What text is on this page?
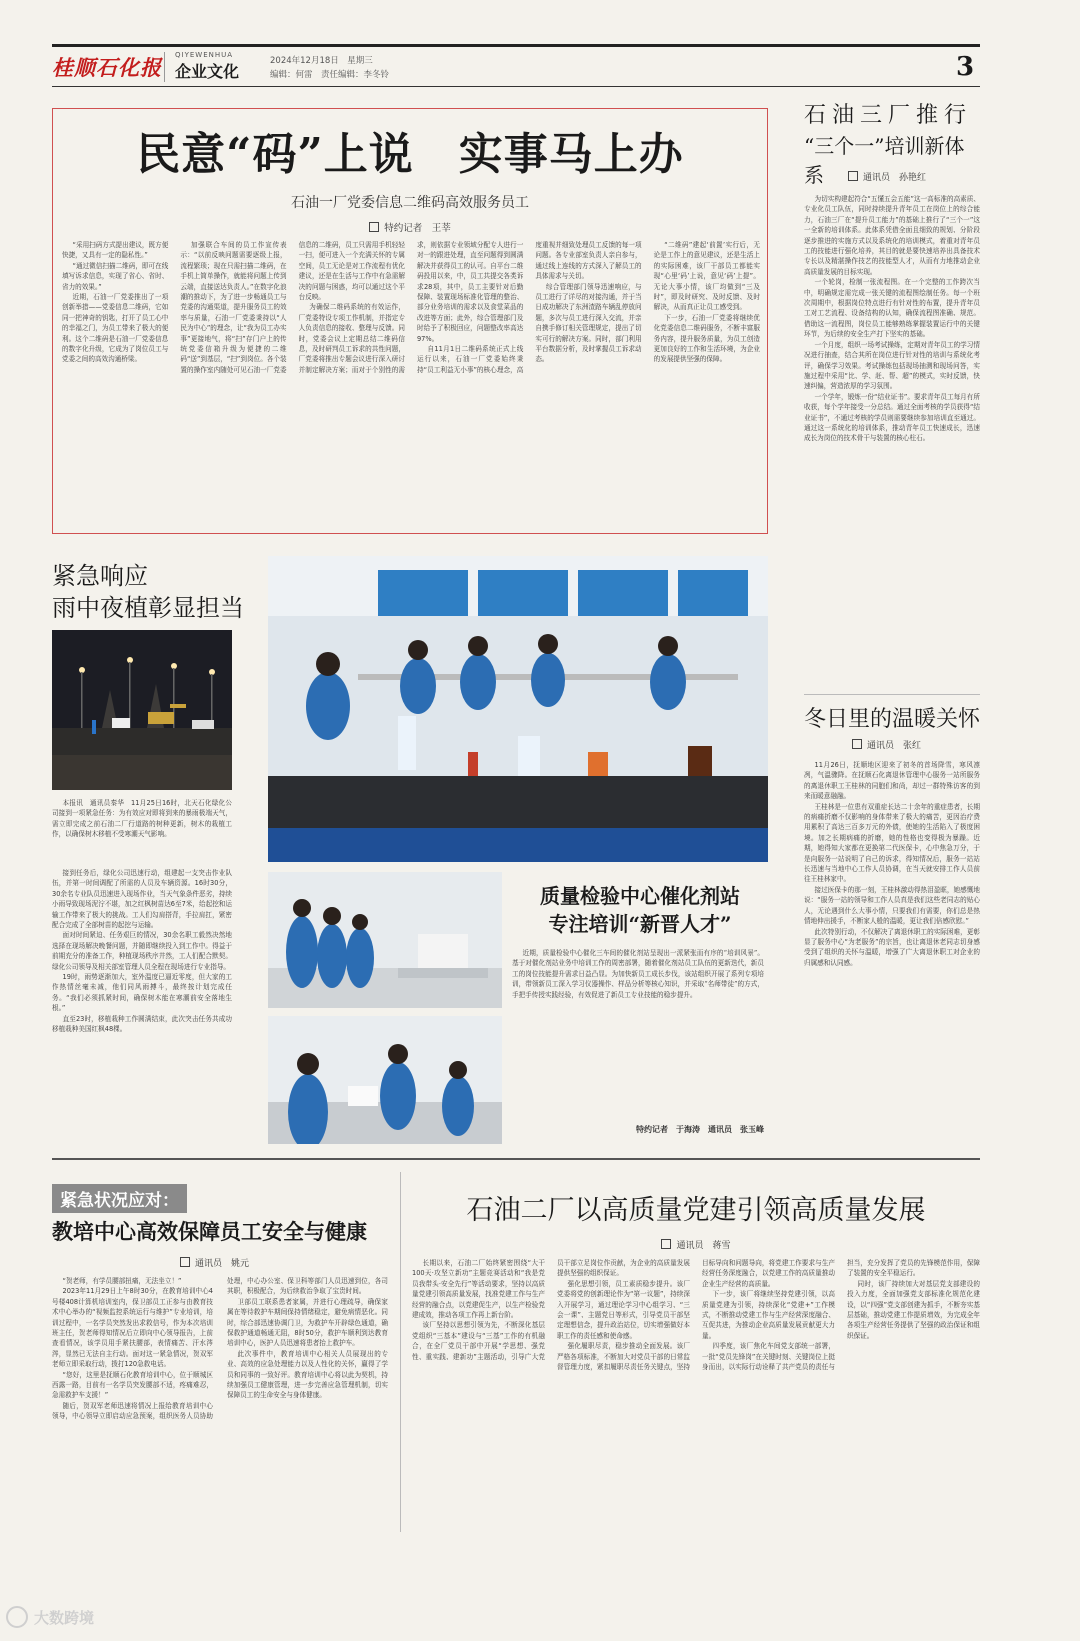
桂顺石化报 QIYEWENHUA
企业文化
2024年12月18日　星期三
编辑：何雷　责任编辑：李冬铃	3
民意“码”上说　实事马上办
石油一厂党委信息二维码高效服务员工
特约记者　王莘

“采用扫码方式提出建议，既方便快捷，又具有一定的隐私性。”

“通过微信扫描二维码，即可在线填写诉求信息，实现了省心、省时、省力的效果。”

近期，石油一厂党委推出了一项创新举措——党委信息二维码，它如同一把神奇的钥匙，打开了员工心中的幸福之门，为员工带来了极大的便利。这个二维码是石油一厂党委信息的数字化升级，它成为了岗位员工与党委之间的高效沟通桥梁。

加强联合车间的员工作宣传表示：“以前反映问题需要逐级上报，流程繁琐；现在只需扫描二维码，在手机上简单操作，就能将问题上传到云端，直接送达负责人。”在数字化浪潮的推动下，为了进一步畅通员工与党委的沟通渠道，提升服务员工的效率与质量，石油一厂党委秉持以“人民为中心”的理念，让“我为员工办实事”更接地气，将“扫”存门户上的传统党委信箱升级为便捷的二维码“送”到基层，“扫”到岗位。各个装置的操作室内随处可见石油一厂党委信息的二维码，员工只需用手机轻轻一扫，便可进入一个充满关怀的专属空间，员工无论是对工作流程有优化建议，还是在生活与工作中有急需解决的问题与困惑，均可以通过这个平台反映。

为确保二维码系统的有效运作，厂党委特设专项工作机制，并指定专人负责信息的接收、整理与反馈。同时，党委会议上定期总结二维码信息，及时研判员工诉求的共性问题，厂党委将推出专题会议进行深入研讨并制定解决方案；而对于个别性的需求，则依据专业领域分配专人进行一对一的跟进处理，直至问题得到圆满解决并获得员工的认可。自平台二维码投用以来，中，员工共提交各类诉求28项，其中，员工主要针对后勤保障、装置现场标准化管理的整治、部分业务培训的需求以及食堂菜品的改进等方面；此外，综合管理部门及时给予了积极回应，问题整改率高达97%。

自11月1日二维码系统正式上线运行以来，石油一厂党委始终秉持“员工利益无小事”的核心理念，高度重视并细致处理员工反馈的每一项问题。各专业部室负责人亲自参与，通过线上连线的方式深入了解员工的具体需求与关切。

综合管理部门领导迅速响应，与员工进行了详尽的对接沟通，并于当日成功解决了东洲渣路车辆乱停放问题，多次与员工进行深入交流，并亲自携手修订相关管理规定，提出了切实可行的解决方案。同时，部门利用平台数据分析，及时掌握员工诉求动态。

“二维码”建起‘前置’实行后，无论是工作上的意见建议，还是生活上的实际困难，该厂干部员工都能实现“心里‘码’上说，意见‘码’上提”。无论大事小情，该厂均做到“三及时”，即及时研究、及时反馈、及时解决，从而真正让员工感受到。

下一步，石油一厂党委将继续优化党委信息二维码服务，不断丰富服务内容，提升服务质量，为员工创造更加良好的工作和生活环境，为企业的发展提供坚强的保障。

紧急响应
雨中夜植彰显担当
本报讯　通讯员秦华　11月25日16时，北天石化绿化公司接到一项紧急任务：为有效应对即将到来的暴雨极端天气，需立即完成之前石油二厂行道路的树种更新，树木的栽植工作，以确保树木移植不受寒潮天气影响。

接到任务后，绿化公司迅速行动，组建起一支突击作业队伍，并第一时间调配了所需的人员及车辆资源。16时30分，30余名专业队员迅速进入现场作业，当天气象条件恶劣，持续小雨导致现场泥泞不堪，加之红枫树苗达6至7米，给起挖和运输工作带来了极大的挑战。工人们勾肩搭背，手拉肩扛，紧密配合完成了全部树苗的起挖与运输。

面对时间紧迫、任务艰巨的情况，30余名职工毅然决然地选择在现场解决晚餐问题，并随即继续投入到工作中。得益于前期充分的准备工作，种植现场秩序井然，工人们配合默契。绿化公司领导及相关部室管理人员全程在现场进行专业指导。

19时，雨势逐渐加大，室外温度已逼近零度，但大家的工作热情丝毫未减，他们同风雨搏斗，最终按计划完成任务。“我们必须抓紧时间，确保树木能在寒潮前安全落地生根。”

直至23时，移植栽种工作圆满结束，此次突击任务共成功移植栽种美国红枫48棵。

质量检验中心催化剂站
专注培训“新晋人才”
近期，质量检验中心催化三车间的催化剂站呈现出一派紧张而有序的“培训风景”。基于对催化剂站业务中培训工作的周密部署，随着催化剂站员工队伍的更新迭代，新员工的岗位技能提升需求日益凸显。为加快新员工成长步伐，该站组织开展了系列专项培训，带领新员工深入学习仪器操作、样品分析等核心知识，并采取“名师带徒”的方式，手把手传授实践经验，有效促进了新员工专业技能的稳步提升。
特约记者　于海涛　通讯员　张玉峰
石油三厂推行
“三个一”培训新体系	通讯员　孙艳红

为切实构建起符合“五懂五会五能”这一高标准的高素质、专业化员工队伍，同时持续提升青年员工在岗位上的综合能力，石油三厂在“提升员工能力”的基础上推行了“三个一”这一全新的培训体系。此体系凭借全面且细致的规划、分阶段逐步推进的实施方式以及系统化的培训模式，着重对青年员工的技能进行强化培养，其目的就是要快速培养出具备技术专长以及精湛操作技艺的技能型人才，从而有力地推动企业高质量发展的目标实现。

一个轮岗，检制一张流程图。在一个完整的工作跨次当中，明确规定需完成一张关键的流程图绘制任务。每一个班次周期中，根据岗位特点进行有针对性的布置，提升青年员工对工艺流程、设备结构的认知，确保流程图准确、规范。借助这一流程图，岗位员工能够熟练掌握装置运行中的关键环节，为后续的安全生产打下坚实的基础。

一个月度，组织一场考试操练，定期对青年员工的学习情况进行抽查，结合其所在岗位进行针对性的培训与系统化考评，确保学习效果。考试操练包括现场抽测和现场问答，实施过程中采用“比、学、赶、帮、超”的模式，实时反馈，快速纠偏，营造浓厚的学习氛围。

一个学年，锻炼一份“结业证书”。要求青年员工每月有所收获，每个学年接受一分总结。通过全面考核的学员获得“结业证书”，不通过考核的学员则需要继续参加培训直至通过。通过这一系统化的培训体系，推动青年员工快速成长，迅速成长为岗位的技术骨干与装置的核心柱石。

冬日里的温暖关怀
通讯员　张红

11月26日，抚顺地区迎来了初冬的首场降雪，寒风凛冽，气温骤降。在抚顺石化离退休管理中心服务一站所服务的离退休职工王桂林的同胞们和尚，却过一群特殊访客的到来而暖意融融。

王桂林是一位患有双重症长达二十余年的重症患者，长期的病痛折磨不仅影响的身体带来了极大的痛苦，更因治疗费用累积了高达三百多万元的外债，使她的生活陷入了极度困境。加之长期病痛的折磨，她的性格也变得极为暴躁。近期，她得知大家都在更换第二代医保卡，心中焦急万分，于是向服务一站说明了自己的诉求，得知情况后，服务一站站长迅速与当地中心工作人员协调，在当天就安排工作人员前往王桂林家中。

接过医保卡的那一刻，王桂林激动得热泪盈眶，她感慨地说：“服务一站的领导和工作人员真是我们这些老同志的贴心人，无论遇到什么大事小情，只要我们有需要，你们总是热情地伸出援手，不断家人般的温暖，更让我们倍感欣慰。”

此次特别行动，不仅解决了离退休职工的实际困难，更彰显了服务中心“为老服务”的宗旨，也让离退休老同志切身感受到了组织的关怀与温暖，增强了广大离退休职工对企业的归属感和认同感。

紧急状况应对：
教培中心高效保障员工安全与健康
通讯员　姚元

“贺老师，有学员腰部扭痛，无法坐立！”

2023年11月29日上午8时30分，在教育培训中心4号楼408计算机培训室内，保卫部员工正参与由教育技术中心举办的“视频监控系统运行与维护”专业培训，培训过程中，一名学员突然发出求救信号，作为本次培训班主任，贺老师得知情况后立即向中心领导报告，上前查看情况，该学员用手紧扶腰部，表情痛苦、汗水涔涔，显然已无法自主行动。面对这一紧急情况，贺双军老师立即采取行动，拨打120急救电话。

“您好，这里是抚顺石化教育培训中心，位于顺城区西露一路，目前有一名学员突发腰部不适，疼痛难忍，急需救护车支援！”

随后，贺双军老师迅速将情况上报给教育培训中心领导，中心领导立即启动应急预案，组织医务人员协助处理，中心办公室、保卫科等部门人员迅速到位，各司其职，积极配合，为后续救治争取了宝贵时间。

卫部员工联系患者家属，并进行心理疏导，确保家属在等待救护车期间保持情绪稳定，避免病情恶化。同时，综合部迅速协调门卫，为救护车开辟绿色通道，确保救护通道畅通无阻，8时50分，救护车顺利到达教育培训中心，医护人员迅速将患者抬上救护车。

此次事件中，教育培训中心相关人员展现出的专业、高效的应急处理能力以及人性化的关怀，赢得了学员和同事的一致好评。教育培训中心将以此为契机，持续加强员工健康管理，进一步完善应急管理机制，切实保障员工的生命安全与身体健康。

石油二厂以高质量党建引领高质量发展
通讯员　蒋雪

长期以来，石油二厂始终紧密围绕“大干100天·攻坚立新功”主题竞赛活动和“我是党员我带头·安全先行”等活动要求，坚持以高质量党建引领高质量发展，找准党建工作与生产经营的融合点，以党建促生产，以生产检验党建成效，推动各项工作再上新台阶。

该厂坚持以思想引领为先，不断深化基层党组织“三基本”建设与“三基”工作的有机融合，在全厂党员干部中开展“学思想、强党性、重实践、建新功”主题活动，引导广大党员干部立足岗位作贡献，为企业的高质量发展提供坚强的组织保证。

强化思想引领，员工素质稳步提升。该厂党委将党的创新理论作为“第一议题”，持续深入开展学习，通过理论学习中心组学习、“三会一课”、主题党日等形式，引导党员干部坚定理想信念，提升政治站位，切实增强做好本职工作的责任感和使命感。

强化履职尽责，稳步推动全面发展。该厂严格各项标准，不断加大对党员干部的日常监督管理力度，紧扣履职尽责任务关键点，坚持目标导向和问题导向，将党建工作要求与生产经营任务深度融合，以党建工作的高质量推动企业生产经营的高质量。

下一步，该厂将继续坚持党建引领，以高质量党建为引领，持续深化“党建+”工作模式，不断推动党建工作与生产经营深度融合、互促共进，为推动企业高质量发展贡献更大力量。

四季度，该厂焦化车间党支部统一部署，一批“党员先锋岗”在关键时刻、关键岗位上挺身而出，以实际行动诠释了共产党员的责任与担当，充分发挥了党员的先锋模范作用，保障了装置的安全平稳运行。

同时，该厂持续加大对基层党支部建设的投入力度，全面加强党支部标准化规范化建设，以“四强”党支部创建为抓手，不断夯实基层基础，推动党建工作提质增效，为完成全年各项生产经营任务提供了坚强的政治保证和组织保证。

大数跨境
